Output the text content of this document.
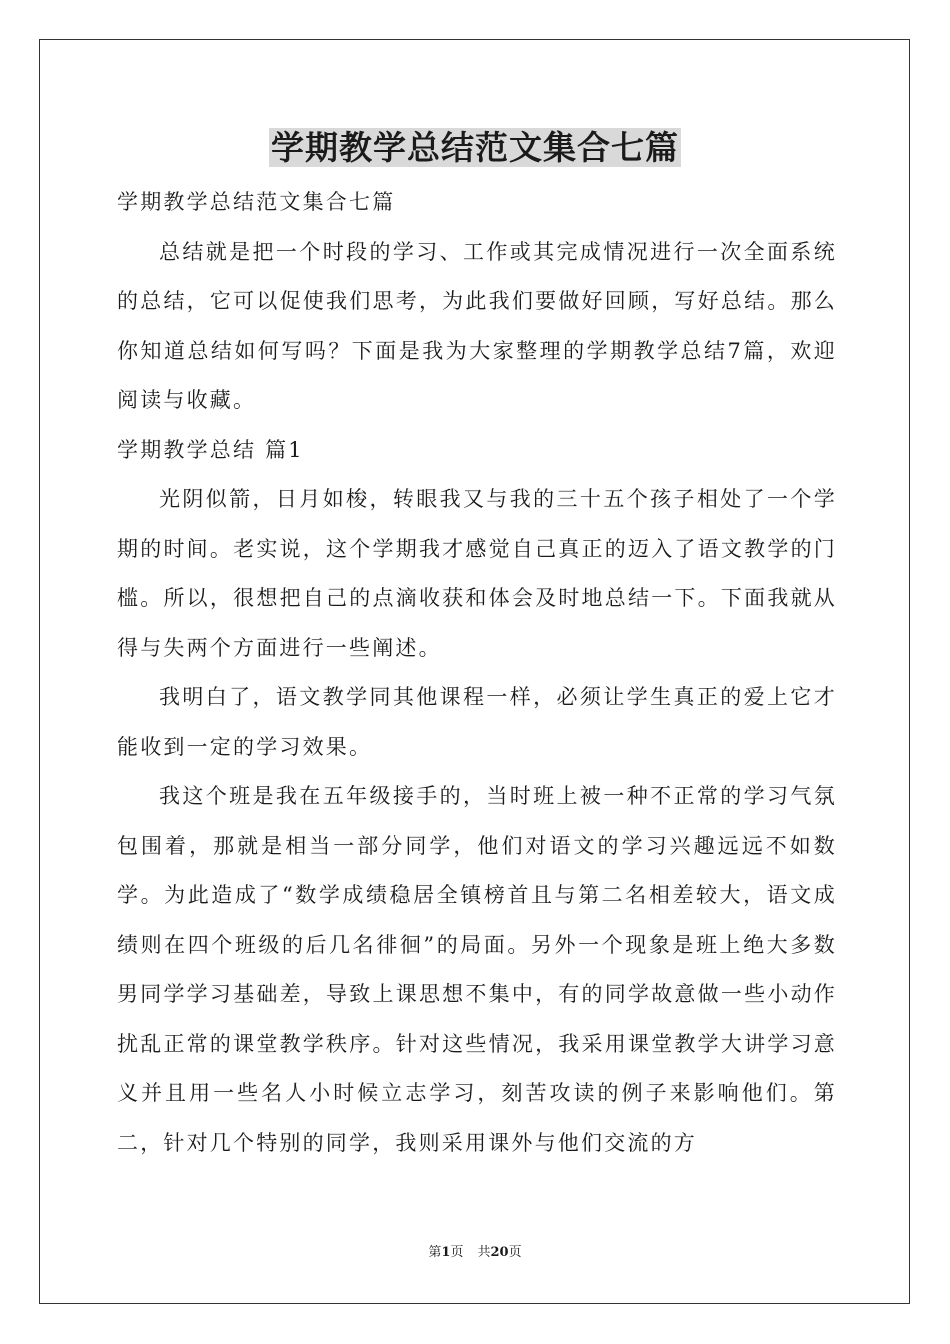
学期教学总结范文集合七篇

学期教学总结范文集合七篇

总结就是把一个时段的学习、工作或其完成情况进行一次全面系统的总结，它可以促使我们思考，为此我们要做好回顾，写好总结。那么你知道总结如何写吗？下面是我为大家整理的学期教学总结7篇，欢迎阅读与收藏。

学期教学总结 篇1

光阴似箭，日月如梭，转眼我又与我的三十五个孩子相处了一个学期的时间。老实说，这个学期我才感觉自己真正的迈入了语文教学的门槛。所以，很想把自己的点滴收获和体会及时地总结一下。下面我就从得与失两个方面进行一些阐述。

我明白了，语文教学同其他课程一样，必须让学生真正的爱上它才能收到一定的学习效果。

我这个班是我在五年级接手的，当时班上被一种不正常的学习气氛包围着，那就是相当一部分同学，他们对语文的学习兴趣远远不如数学。为此造成了“数学成绩稳居全镇榜首且与第二名相差较大，语文成绩则在四个班级的后几名徘徊”的局面。另外一个现象是班上绝大多数男同学学习基础差，导致上课思想不集中，有的同学故意做一些小动作扰乱正常的课堂教学秩序。针对这些情况，我采用课堂教学大讲学习意义并且用一些名人小时候立志学习，刻苦攻读的例子来影响他们。第二，针对几个特别的同学，我则采用课外与他们交流的方

第1页 共20页
